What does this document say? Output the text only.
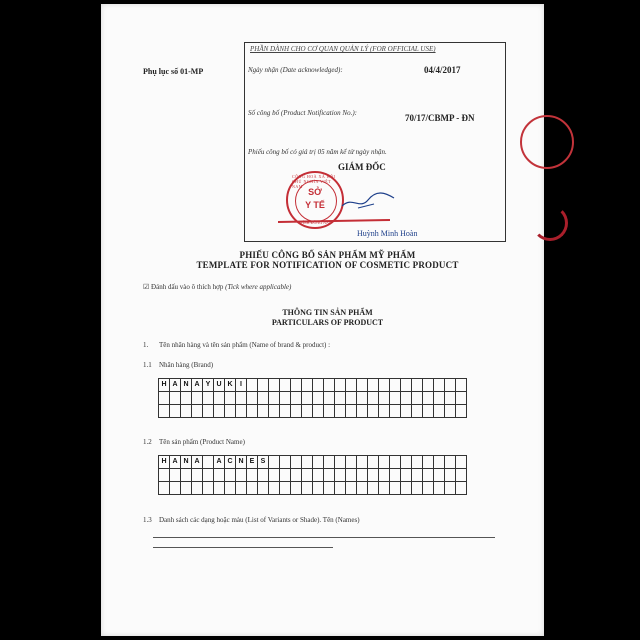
Phụ lục số 01-MP
PHẦN DÀNH CHO CƠ QUAN QUẢN LÝ (FOR OFFICIAL USE)
Ngày nhận (Date acknowledged):	04/4/2017
Số công bố (Product Notification No.):	70/17/CBMP - ĐN
Phiếu công bố có giá trị 05 năm kể từ ngày nhận.
GIÁM ĐỐC
CỘNG HOÀ XÃ HỘI CHỦ NGHĨA VIỆT NAM
TỈNH ĐỒNG NAI
SỞ
Y TẾ
Huỳnh Minh Hoàn
PHIẾU CÔNG BỐ SẢN PHẨM MỸ PHẨM
TEMPLATE FOR NOTIFICATION OF COSMETIC PRODUCT
☑ Đánh dấu vào ô thích hợp (Tick where applicable)
THÔNG TIN SẢN PHẨM
PARTICULARS OF PRODUCT
1. Tên nhãn hàng và tên sản phẩm (Name of brand & product) :
1.1 Nhãn hàng (Brand)
H A N A Y U K	I
1.2 Tên sản phẩm (Product Name)
H A N A	A C N E S
1.3 Danh sách các dạng hoặc màu (List of Variants or Shade). Tên (Names)
